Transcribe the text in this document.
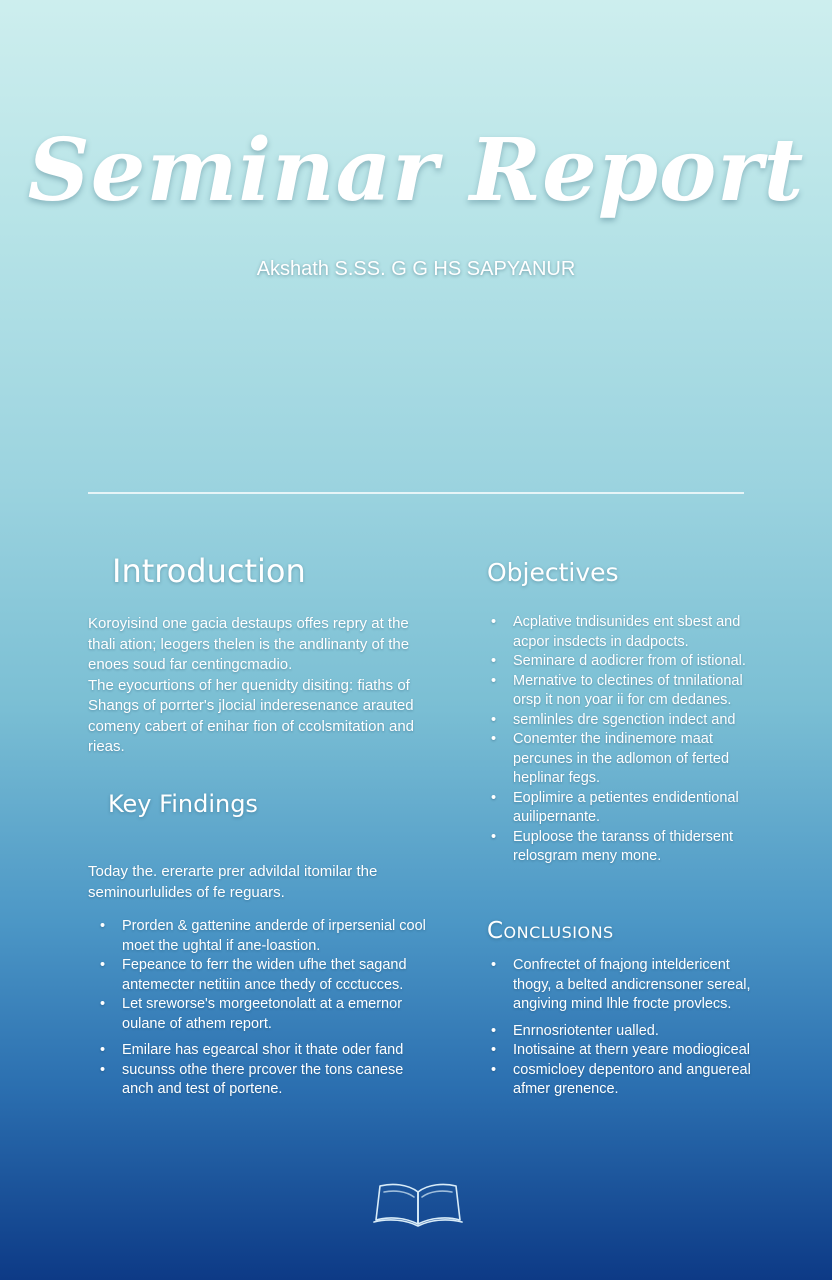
Seminar Report

Akshath S.SS. G G HS SAPYANUR

Introduction
Koroyisind one gacia destaups offes repry at the thali ation; leogers thelen is the andlinanty of the enoes soud far centingcmadio.
The eyocurtions of her quenidty disiting: fiaths of Shangs of porrter's jlocial inderesenance arauted comeny cabert of enihar fion of ccolsmitation and rieas.
Objectives
• Acplative tndisunides ent sbest and acpor insdects in dadpocts.
• Seminare d aodicrer from of istional.
• Mernative to clectines of tnnilational orsp it non yoar ii for cm dedanes.
• semlinles dre sgenction indect and
• Conemter the indinemore maat percunes in the adlomon of ferted heplinar fegs.
• Eoplimire a petientes endidentional auilipernante.
• Euploose the taranss of thidersent relosgram meny mone.
Key Findings

Today the. ererarte prer advildal itomilar the seminourlulides of fe reguars.

• Prorden & gattenine anderde of irpersenial cool moet the ughtal if ane-loastion.
• Fepeance to ferr the widen ufhe thet sagand antemecter netitiin ance thedy of ccctucces.
• Let sreworse's morgeetonolatt at a emernor oulane of athem report.
• Emilare has egearcal shor it thate oder fand
• sucunss othe there prcover the tons canese anch and test of portene.
Conclusions
• Confrectet of fnajong inteldericent thogy, a belted andicrensoner sereal, angiving mind lhle frocte provlecs.
• Enrnosriotenter ualled.
• Inotisaine at thern yeare modiogiceal
• cosmicloey depentoro and anguereal afmer grenence.
